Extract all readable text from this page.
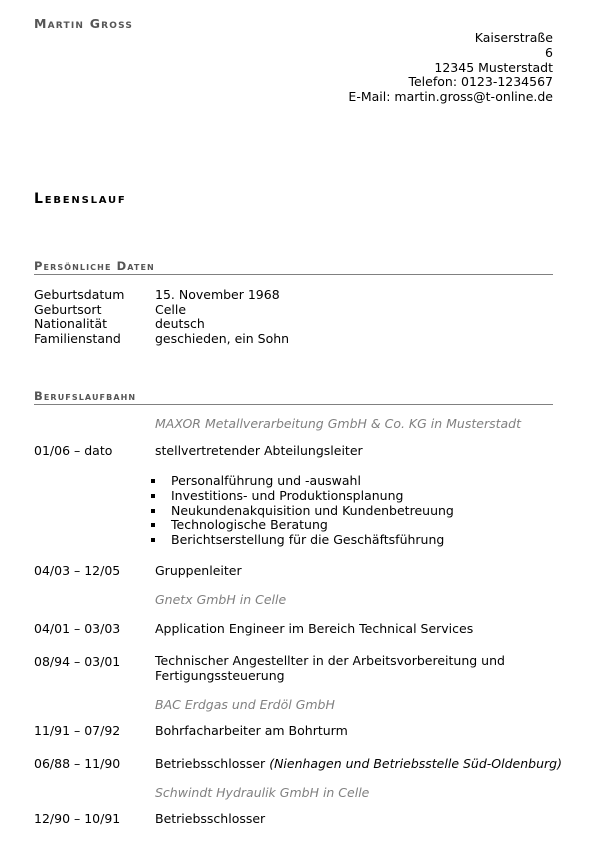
Martin Gross
Kaiserstraße
6
12345 Musterstadt
Telefon: 0123-1234567
E-Mail: martin.gross@t-online.de
Lebenslauf
Persönliche Daten
Geburtsdatum 15. November 1968
Geburtsort	Celle
Nationalität	deutsch
Familienstand	geschieden, ein Sohn
Berufslaufbahn
MAXOR Metallverarbeitung GmbH & Co. KG in Musterstadt
01/06 – dato	stellvertretender Abteilungsleiter
Personalführung und -auswahl
Investitions- und Produktionsplanung
Neukundenakquisition und Kundenbetreuung
Technologische Beratung
Berichtserstellung für die Geschäftsführung
04/03 – 12/05	Gruppenleiter
Gnetx GmbH in Celle
04/01 – 03/03	Application Engineer im Bereich Technical Services
08/94 – 03/01	Technischer Angestellter in der Arbeitsvorbereitung und Fertigungssteuerung
BAC Erdgas und Erdöl GmbH
11/91 – 07/92	Bohrfacharbeiter am Bohrturm
06/88 – 11/90	Betriebsschlosser (Nienhagen und Betriebsstelle Süd-Oldenburg)
Schwindt Hydraulik GmbH in Celle
12/90 – 10/91	Betriebsschlosser
